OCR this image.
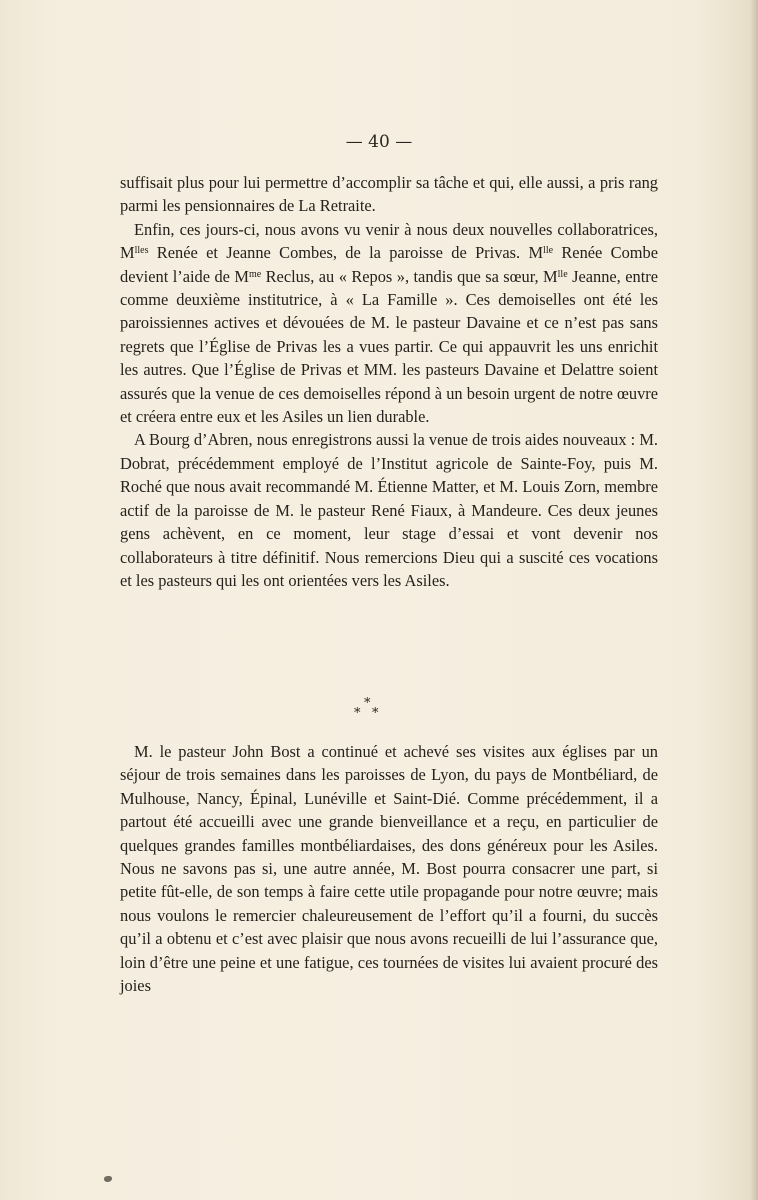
— 40 —

suffisait plus pour lui permettre d’accomplir sa tâche et qui, elle aussi, a pris rang parmi les pensionnaires de La Retraite.

Enfin, ces jours-ci, nous avons vu venir à nous deux nouvelles collaboratrices, $M^{lles}$ Renée et Jeanne Combes, de la paroisse de Privas. $M^{lle}$ Renée Combe devient l’aide de $M^{me}$ Reclus, au « Repos », tandis que sa sœur, $M^{lle}$ Jeanne, entre comme deuxième institutrice, à « La Famille ». Ces demoiselles ont été les paroissiennes actives et dévouées de M. le pasteur Davaine et ce n’est pas sans regrets que l’Église de Privas les a vues partir. Ce qui appauvrit les uns enrichit les autres. Que l’Église de Privas et MM. les pasteurs Davaine et Delattre soient assurés que la venue de ces demoiselles répond à un besoin urgent de notre œuvre et créera entre eux et les Asiles un lien durable.

A Bourg d’Abren, nous enregistrons aussi la venue de trois aides nouveaux : M. Dobrat, précédemment employé de l’Institut agricole de Sainte-Foy, puis M. Roché que nous avait recommandé M. Étienne Matter, et M. Louis Zorn, membre actif de la paroisse de M. le pasteur René Fiaux, à Mandeure. Ces deux jeunes gens achèvent, en ce moment, leur stage d’essai et vont devenir nos collaborateurs à titre définitif. Nous remercions Dieu qui a suscité ces vocations et les pasteurs qui les ont orientées vers les Asiles.

*
* *

M. le pasteur John Bost a continué et achevé ses visites aux églises par un séjour de trois semaines dans les paroisses de Lyon, du pays de Montbéliard, de Mulhouse, Nancy, Épinal, Lunéville et Saint-Dié. Comme précédemment, il a partout été accueilli avec une grande bienveillance et a reçu, en particulier de quelques grandes familles montbéliardaises, des dons généreux pour les Asiles. Nous ne savons pas si, une autre année, M. Bost pourra consacrer une part, si petite fût-elle, de son temps à faire cette utile propagande pour notre œuvre; mais nous voulons le remercier chaleureusement de l’effort qu’il a fourni, du succès qu’il a obtenu et c’est avec plaisir que nous avons recueilli de lui l’assurance que, loin d’être une peine et une fatigue, ces tournées de visites lui avaient procuré des joies
